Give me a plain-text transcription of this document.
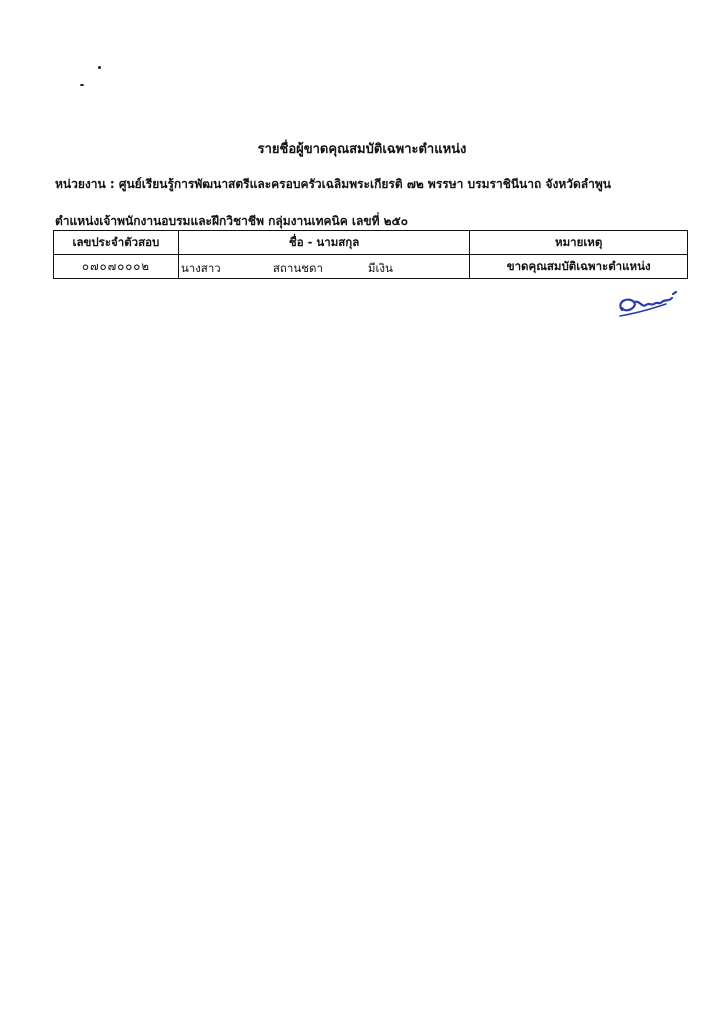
รายชื่อผู้ขาดคุณสมบัติเฉพาะตำแหน่ง
หน่วยงาน : ศูนย์เรียนรู้การพัฒนาสตรีและครอบครัวเฉลิมพระเกียรติ ๗๒ พรรษา บรมราชินีนาถ จังหวัดลำพูน
ตำแหน่งเจ้าพนักงานอบรมและฝึกวิชาชีพ กลุ่มงานเทคนิค เลขที่ ๒๕๐
เลขประจำตัวสอบ	ชื่อ - นามสกุล	หมายเหตุ
๐๗๐๗๐๐๐๒	นางสาว สถานชดา มีเงิน	ขาดคุณสมบัติเฉพาะตำแหน่ง
